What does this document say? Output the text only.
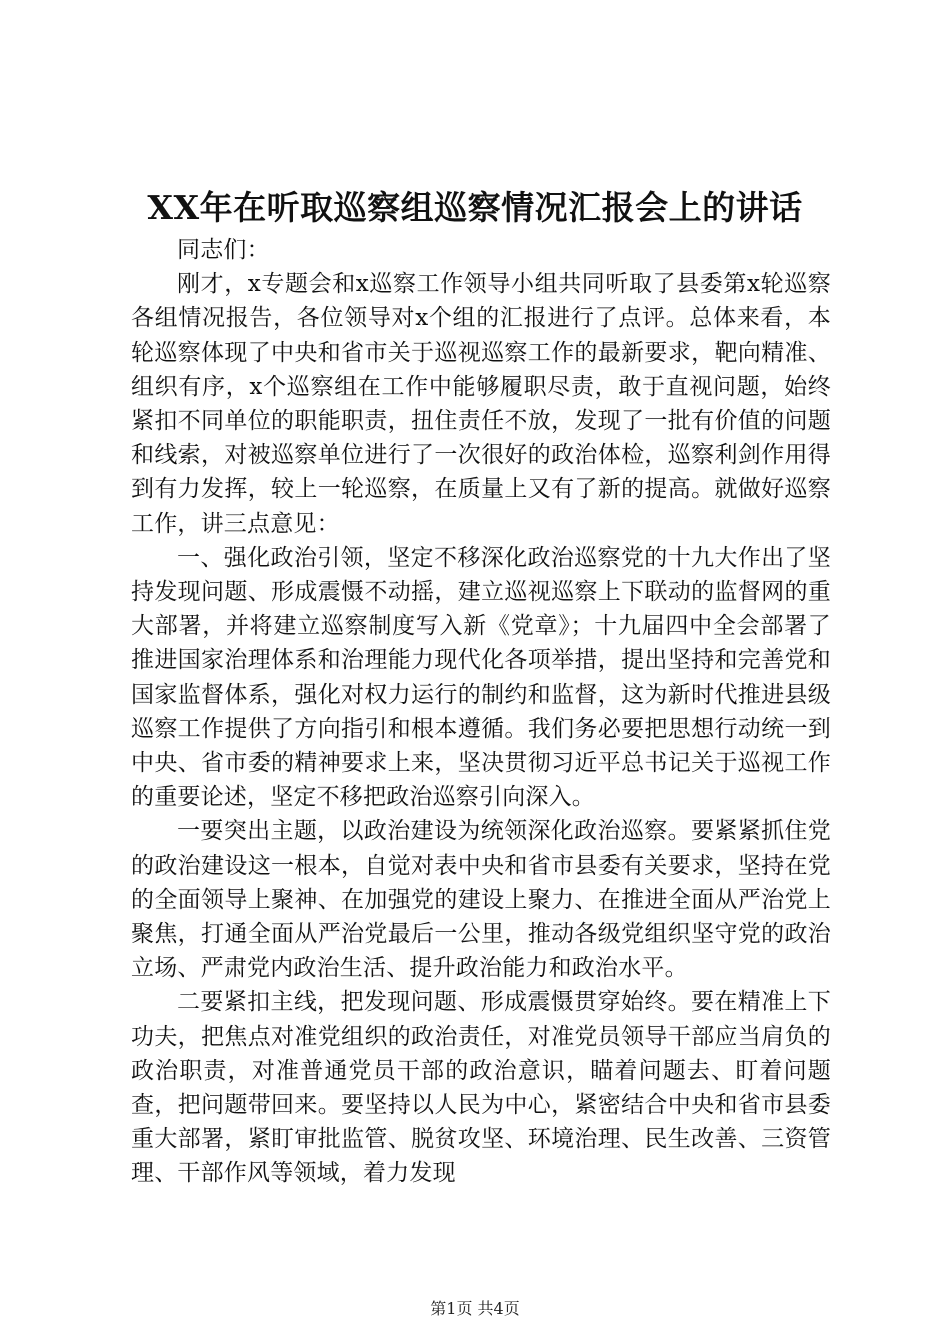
XX年在听取巡察组巡察情况汇报会上的讲话

同志们：

刚才，x专题会和x巡察工作领导小组共同听取了县委第x轮巡察各组情况报告，各位领导对x个组的汇报进行了点评。总体来看，本轮巡察体现了中央和省市关于巡视巡察工作的最新要求，靶向精准、组织有序，x个巡察组在工作中能够履职尽责，敢于直视问题，始终紧扣不同单位的职能职责，扭住责任不放，发现了一批有价值的问题和线索，对被巡察单位进行了一次很好的政治体检，巡察利剑作用得到有力发挥，较上一轮巡察，在质量上又有了新的提高。就做好巡察工作，讲三点意见：

一、强化政治引领，坚定不移深化政治巡察党的十九大作出了坚持发现问题、形成震慑不动摇，建立巡视巡察上下联动的监督网的重大部署，并将建立巡察制度写入新《党章》；十九届四中全会部署了推进国家治理体系和治理能力现代化各项举措，提出坚持和完善党和国家监督体系，强化对权力运行的制约和监督，这为新时代推进县级巡察工作提供了方向指引和根本遵循。我们务必要把思想行动统一到中央、省市委的精神要求上来，坚决贯彻习近平总书记关于巡视工作的重要论述，坚定不移把政治巡察引向深入。

一要突出主题，以政治建设为统领深化政治巡察。要紧紧抓住党的政治建设这一根本，自觉对表中央和省市县委有关要求，坚持在党的全面领导上聚神、在加强党的建设上聚力、在推进全面从严治党上聚焦，打通全面从严治党最后一公里，推动各级党组织坚守党的政治立场、严肃党内政治生活、提升政治能力和政治水平。

二要紧扣主线，把发现问题、形成震慑贯穿始终。要在精准上下功夫，把焦点对准党组织的政治责任，对准党员领导干部应当肩负的政治职责，对准普通党员干部的政治意识，瞄着问题去、盯着问题查，把问题带回来。要坚持以人民为中心，紧密结合中央和省市县委重大部署，紧盯审批监管、脱贫攻坚、环境治理、民生改善、三资管理、干部作风等领域，着力发现

第1页 共4页
